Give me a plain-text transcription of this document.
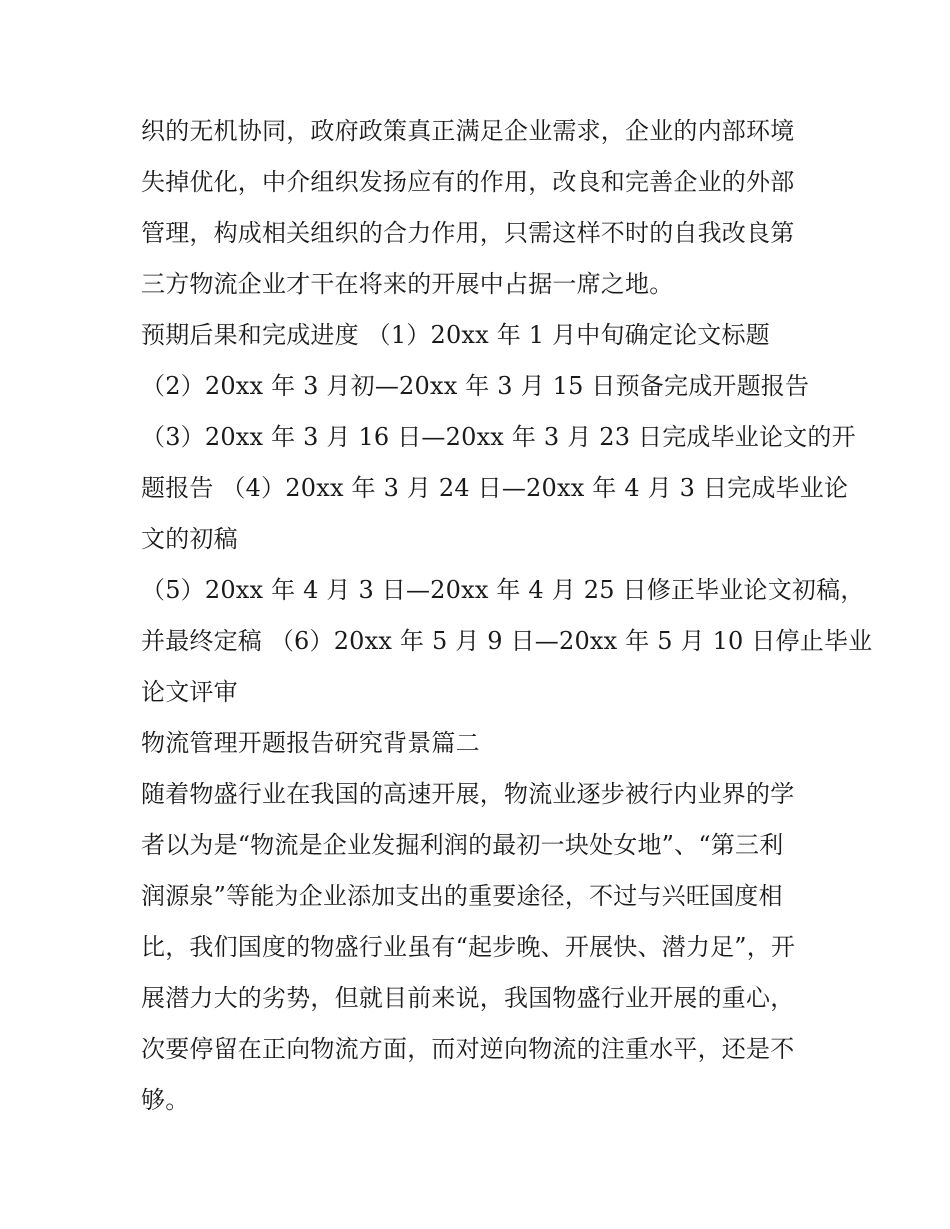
织的无机协同，政府政策真正满足企业需求，企业的内部环境
失掉优化，中介组织发扬应有的作用，改良和完善企业的外部
管理，构成相关组织的合力作用，只需这样不时的自我改良第
三方物流企业才干在将来的开展中占据一席之地。
预期后果和完成进度 （1）20xx 年 1 月中旬确定论文标题
（2）20xx 年 3 月初—20xx 年 3 月 15 日预备完成开题报告
（3）20xx 年 3 月 16 日—20xx 年 3 月 23 日完成毕业论文的开
题报告 （4）20xx 年 3 月 24 日—20xx 年 4 月 3 日完成毕业论
文的初稿
（5）20xx 年 4 月 3 日—20xx 年 4 月 25 日修正毕业论文初稿，
并最终定稿 （6）20xx 年 5 月 9 日—20xx 年 5 月 10 日停止毕业
论文评审
物流管理开题报告研究背景篇二
随着物盛行业在我国的高速开展，物流业逐步被行内业界的学
者以为是“物流是企业发掘利润的最初一块处女地”、“第三利
润源泉”等能为企业添加支出的重要途径，不过与兴旺国度相
比，我们国度的物盛行业虽有“起步晚、开展快、潜力足”，开
展潜力大的劣势，但就目前来说，我国物盛行业开展的重心，
次要停留在正向物流方面，而对逆向物流的注重水平，还是不
够。
